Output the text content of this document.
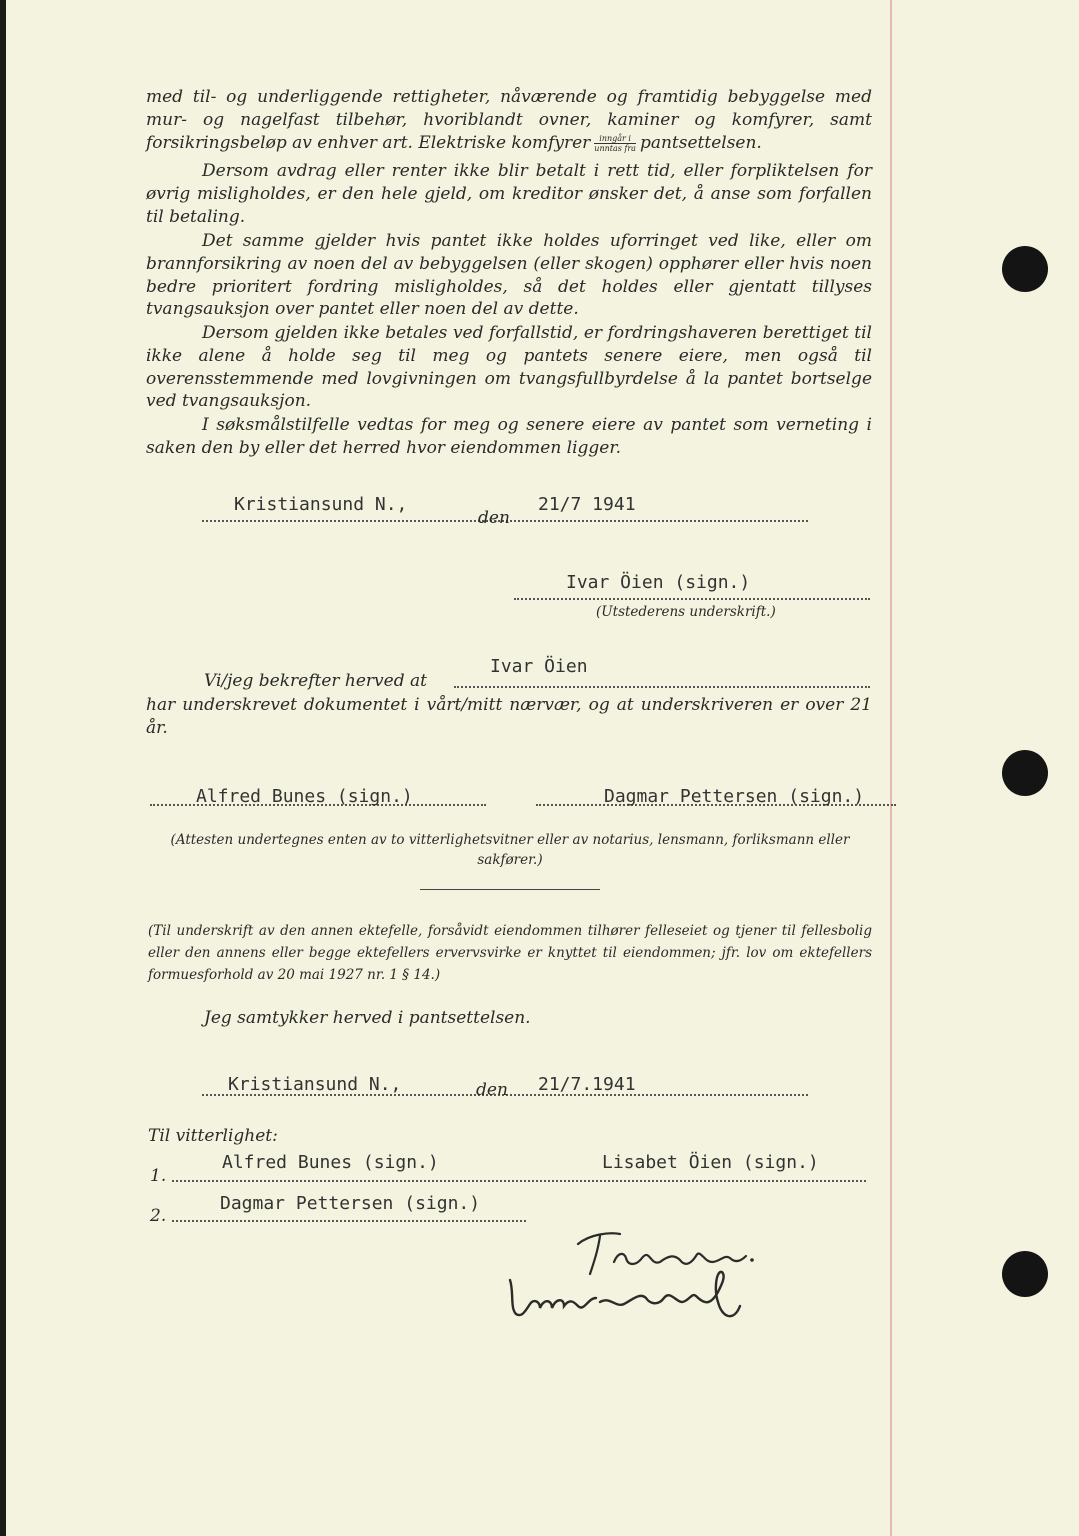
med til- og underliggende rettigheter, nåværende og framtidig bebyggelse med mur- og nagelfast tilbehør, hvoriblandt ovner, kaminer og komfyrer, samt forsikringsbeløp av enhver art. Elektriske komfyrer $\frac{\text{inngår i}}{\text{unntas fra}}$ pantsettelsen.

Dersom avdrag eller renter ikke blir betalt i rett tid, eller forpliktelsen for øvrig misligholdes, er den hele gjeld, om kreditor ønsker det, å anse som forfallen til betaling.

Det samme gjelder hvis pantet ikke holdes uforringet ved like, eller om brannforsikring av noen del av bebyggelsen (eller skogen) opphører eller hvis noen bedre prioritert fordring misligholdes, så det holdes eller gjentatt tillyses tvangsauksjon over pantet eller noen del av dette.

Dersom gjelden ikke betales ved forfallstid, er fordringshaveren berettiget til ikke alene å holde seg til meg og pantets senere eiere, men også til overensstemmende med lovgivningen om tvangsfullbyrdelse å la pantet bortselge ved tvangsauksjon.

I søksmålstilfelle vedtas for meg og senere eiere av pantet som verneting i saken den by eller det herred hvor eiendommen ligger.

Kristiansund N.,
den
21/7 1941
Ivar Öien (sign.)
(Utstederens underskrift.)
Vi/jeg bekrefter herved at
Ivar Öien

har underskrevet dokumentet i vårt/mitt nærvær, og at underskriveren er over 21 år.

Alfred Bunes (sign.)	Dagmar Pettersen (sign.)

(Attesten undertegnes enten av to vitterlighetsvitner eller av notarius, lensmann, forliksmann eller sakfører.)

(Til underskrift av den annen ektefelle, forsåvidt eiendommen tilhører felleseiet og tjener til fellesbolig eller den annens eller begge ektefellers ervervsvirke er knyttet til eiendommen; jfr. lov om ektefellers formuesforhold av 20 mai 1927 nr. 1 § 14.)

Jeg samtykker herved i pantsettelsen.
Kristiansund N.,	den 21/7.1941
Til vitterlighet:
1.
Alfred Bunes (sign.)	Lisabet Öien (sign.)
2.
Dagmar Pettersen (sign.)
